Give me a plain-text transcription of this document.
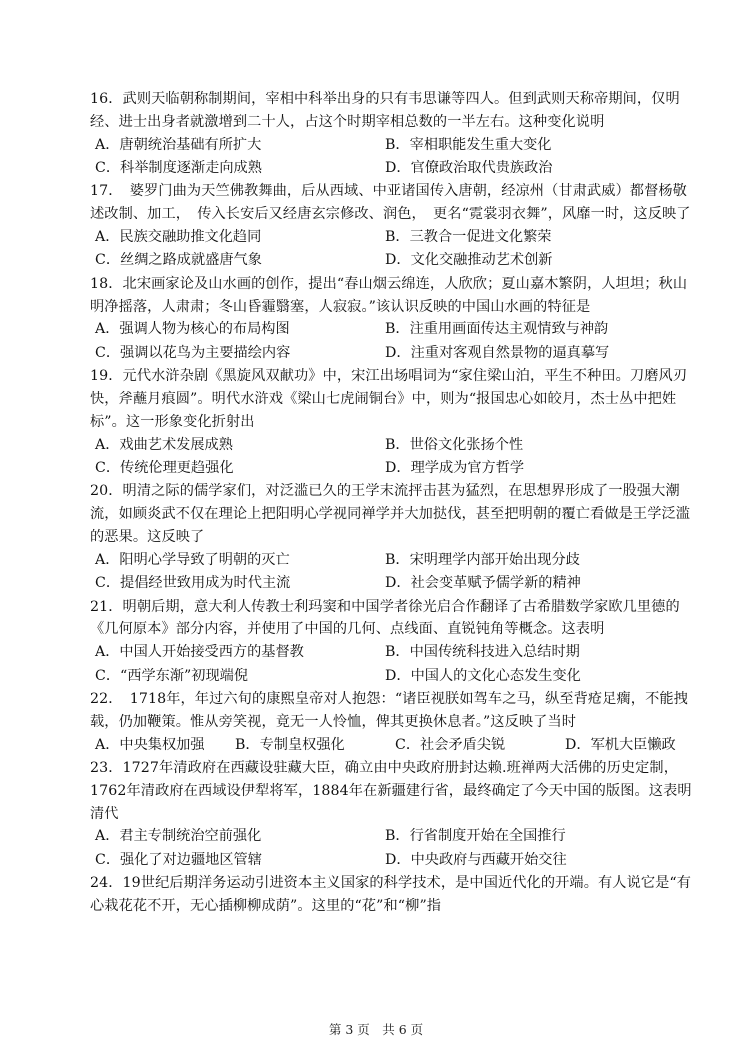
16．武则天临朝称制期间，宰相中科举出身的只有韦思谦等四人。但到武则天称帝期间，仅明经、进士出身者就激增到二十人，占这个时期宰相总数的一半左右。这种变化说明

A．唐朝统治基础有所扩大	B．宰相职能发生重大变化
C．科举制度逐渐走向成熟	D．官僚政治取代贵族政治

17．　婆罗门曲为天竺佛教舞曲，后从西域、中亚诸国传入唐朝，经凉州（甘肃武威）都督杨敬述改制、加工，　传入长安后又经唐玄宗修改、润色，　更名“霓裳羽衣舞”，风靡一时，这反映了

A．民族交融助推文化趋同	B．三教合一促进文化繁荣
C．丝绸之路成就盛唐气象	D．文化交融推动艺术创新

18．北宋画家论及山水画的创作，提出“春山烟云绵连，人欣欣；夏山嘉木繁阴，人坦坦；秋山明净摇落，人肃肃；冬山昏霾翳塞，人寂寂。”该认识反映的中国山水画的特征是

A．强调人物为核心的布局构图	B．注重用画面传达主观情致与神韵
C．强调以花鸟为主要描绘内容	D．注重对客观自然景物的逼真摹写

19．元代水浒杂剧《黑旋风双献功》中，宋江出场唱词为“家住梁山泊，平生不种田。刀磨风刃快，斧蘸月痕圆”。明代水浒戏《梁山七虎闹铜台》中，则为“报国忠心如皎月，杰士丛中把姓标”。这一形象变化折射出

A．戏曲艺术发展成熟	B．世俗文化张扬个性
C．传统伦理更趋强化	D．理学成为官方哲学

20．明清之际的儒学家们，对泛滥已久的王学末流抨击甚为猛烈，在思想界形成了一股强大潮流，如顾炎武不仅在理论上把阳明心学视同禅学并大加挞伐，甚至把明朝的覆亡看做是王学泛滥的恶果。这反映了

A．阳明心学导致了明朝的灭亡	B．宋明理学内部开始出现分歧
C．提倡经世致用成为时代主流	D．社会变革赋予儒学新的精神

21．明朝后期，意大利人传教士利玛窦和中国学者徐光启合作翻译了古希腊数学家欧几里德的《几何原本》部分内容，并使用了中国的几何、点线面、直锐钝角等概念。这表明

A．中国人开始接受西方的基督教	B．中国传统科技进入总结时期
C．“西学东渐”初现端倪	D．中国人的文化心态发生变化

22．　1718年，年过六旬的康熙皇帝对人抱怨：“诸臣视朕如驾车之马，纵至背疮足瘸，不能拽载，仍加鞭策。惟从旁笑视，竟无一人怜恤，俾其更换休息者。”这反映了当时

A．中央集权加强	B．专制皇权强化	C．社会矛盾尖锐	D．军机大臣懒政

23．1727年清政府在西藏设驻藏大臣，确立由中央政府册封达赖.班禅两大活佛的历史定制，1762年清政府在西域设伊犁将军，1884年在新疆建行省，最终确定了今天中国的版图。这表明清代

A．君主专制统治空前强化	B．行省制度开始在全国推行
C．强化了对边疆地区管辖	D．中央政府与西藏开始交往

24．19世纪后期洋务运动引进资本主义国家的科学技术，是中国近代化的开端。有人说它是“有心栽花花不开，无心插柳柳成荫”。这里的“花”和“柳”指

第 3 页　共 6 页
